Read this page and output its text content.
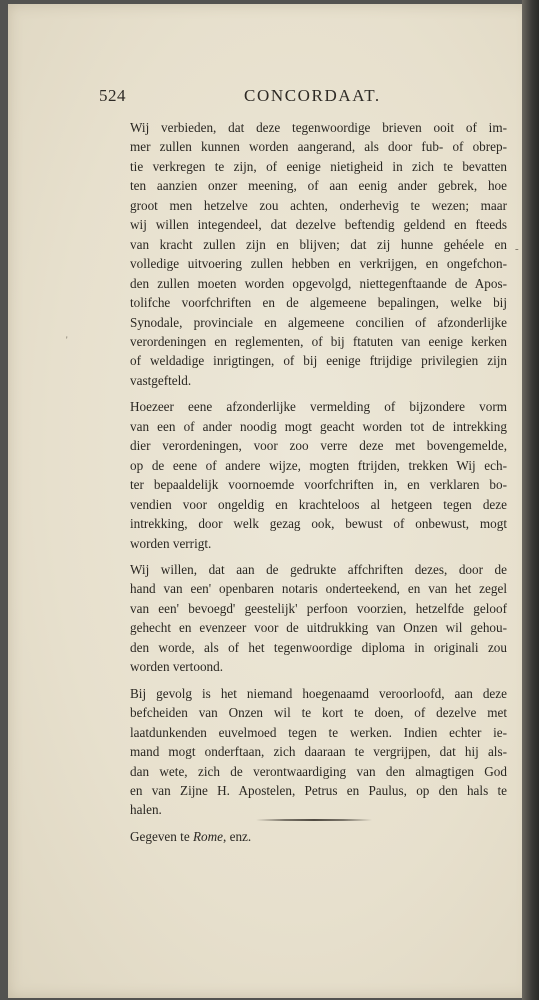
524	CONCORDAAT.
Wij verbieden, dat deze tegenwoordige brieven ooit of im-
mer zullen kunnen worden aangerand, als door fub- of obrep-
tie verkregen te zijn, of eenige nietigheid in zich te bevatten
ten aanzien onzer meening, of aan eenig ander gebrek, hoe
groot men hetzelve zou achten, onderhevig te wezen; maar
wij willen integendeel, dat dezelve beftendig geldend en fteeds
van kracht zullen zijn en blijven; dat zij hunne gehéele en
volledige uitvoering zullen hebben en verkrijgen, en ongefchon-
den zullen moeten worden opgevolgd, niettegenftaande de Apos-
tolifche voorfchriften en de algemeene bepalingen, welke bij
Synodale, provinciale en algemeene concilien of afzonderlijke
verordeningen en reglementen, of bij ftatuten van eenige kerken
of weldadige inrigtingen, of bij eenige ftrijdige privilegien zijn
vastgefteld.
Hoezeer eene afzonderlijke vermelding of bijzondere vorm
van een of ander noodig mogt geacht worden tot de intrekking
dier verordeningen, voor zoo verre deze met bovengemelde,
op de eene of andere wijze, mogten ftrijden, trekken Wij ech-
ter bepaaldelijk voornoemde voorfchriften in, en verklaren bo-
vendien voor ongeldig en krachteloos al hetgeen tegen deze
intrekking, door welk gezag ook, bewust of onbewust, mogt
worden verrigt.
Wij willen, dat aan de gedrukte affchriften dezes, door de
hand van een' openbaren notaris onderteekend, en van het zegel
van een' bevoegd' geestelijk' perfoon voorzien, hetzelfde geloof
gehecht en evenzeer voor de uitdrukking van Onzen wil gehou-
den worde, als of het tegenwoordige diploma in originali zou
worden vertoond.
Bij gevolg is het niemand hoegenaamd veroorloofd, aan deze
befcheiden van Onzen wil te kort te doen, of dezelve met
laatdunkenden euvelmoed tegen te werken. Indien echter ie-
mand mogt onderftaan, zich daaraan te vergrijpen, dat hij als-
dan wete, zich de verontwaardiging van den almagtigen God
en van Zijne H. Apostelen, Petrus en Paulus, op den hals te
halen.
Gegeven te Rome, enz.
-
'
